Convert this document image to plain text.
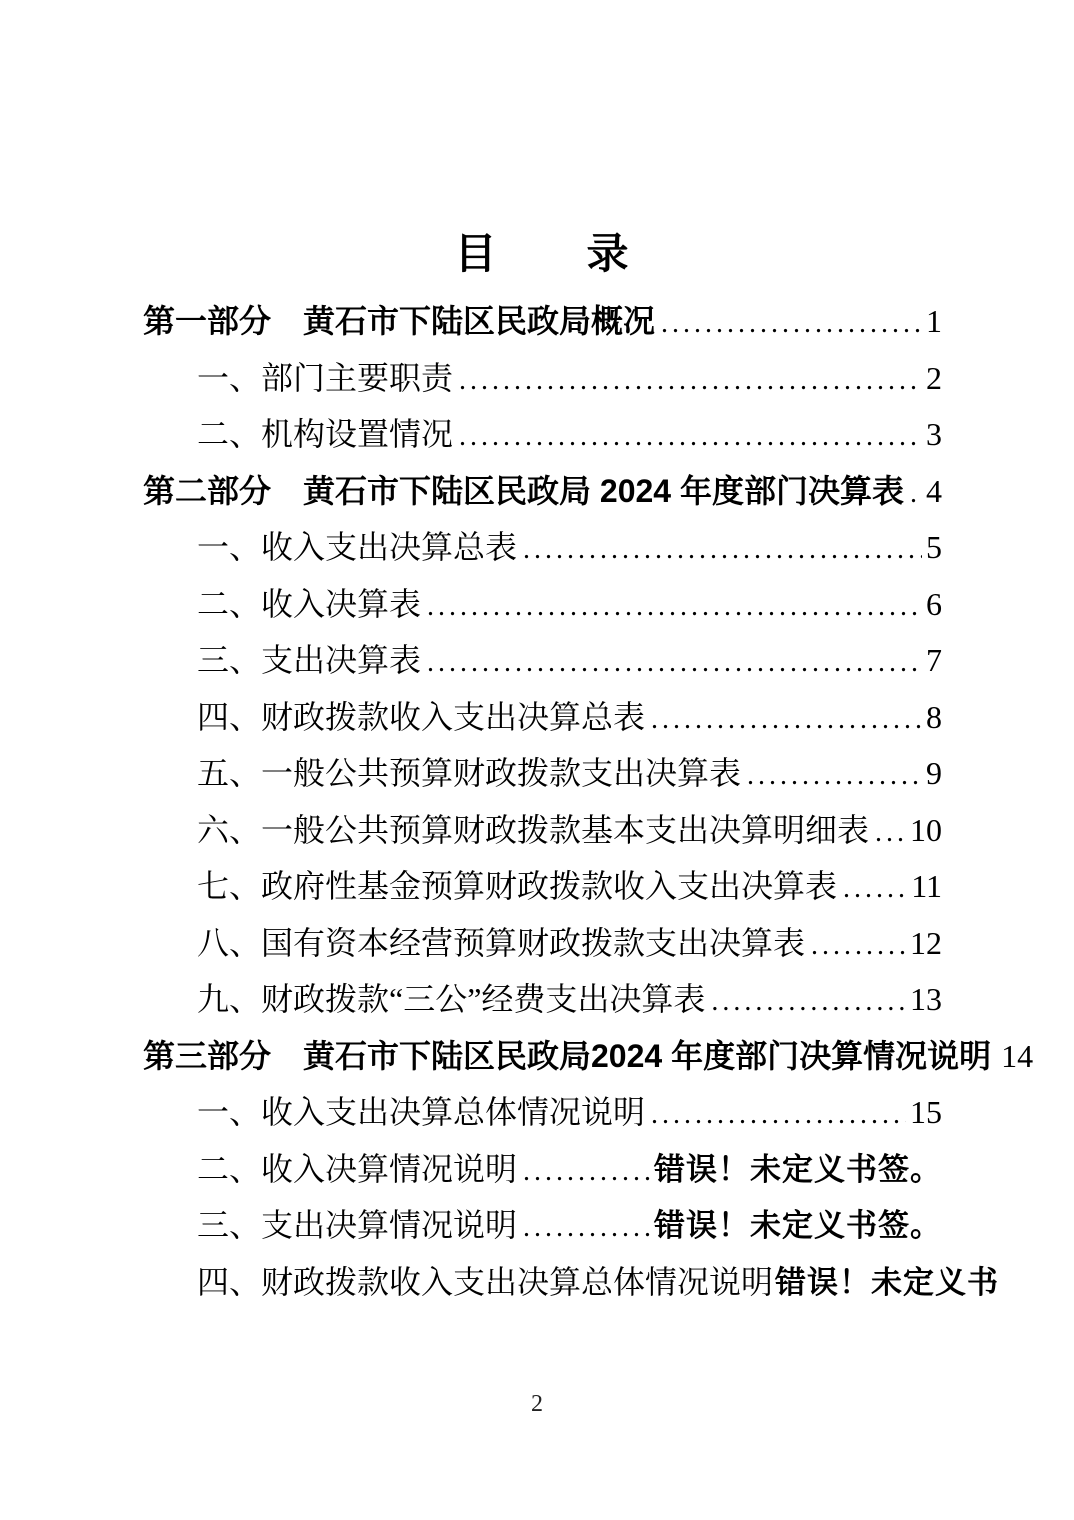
目　　录
第一部分　黄石市下陆区民政局概况 .....	1
一、部门主要职责 .....	2
二、机构设置情况 .....	3
第二部分　黄石市下陆区民政局 2024 年度部门决算表 ..... 4
一、收入支出决算总表 .....	5
二、收入决算表 .....	6
三、支出决算表 .....	7
四、财政拨款收入支出决算总表 .....	8
五、一般公共预算财政拨款支出决算表 .....	9
六、一般公共预算财政拨款基本支出决算明细表 ..... 10
七、政府性基金预算财政拨款收入支出决算表 ..... 11
八、国有资本经营预算财政拨款支出决算表 .....	12
九、财政拨款“三公”经费支出决算表 .....	13
第三部分　黄石市下陆区民政局2024 年度部门决算情况说明 14
一、收入支出决算总体情况说明 .....	15
二、收入决算情况说明 .....	错误！未定义书签。
三、支出决算情况说明 .....	错误！未定义书签。
四、财政拨款收入支出决算总体情况说明 错误！未定义书
2
